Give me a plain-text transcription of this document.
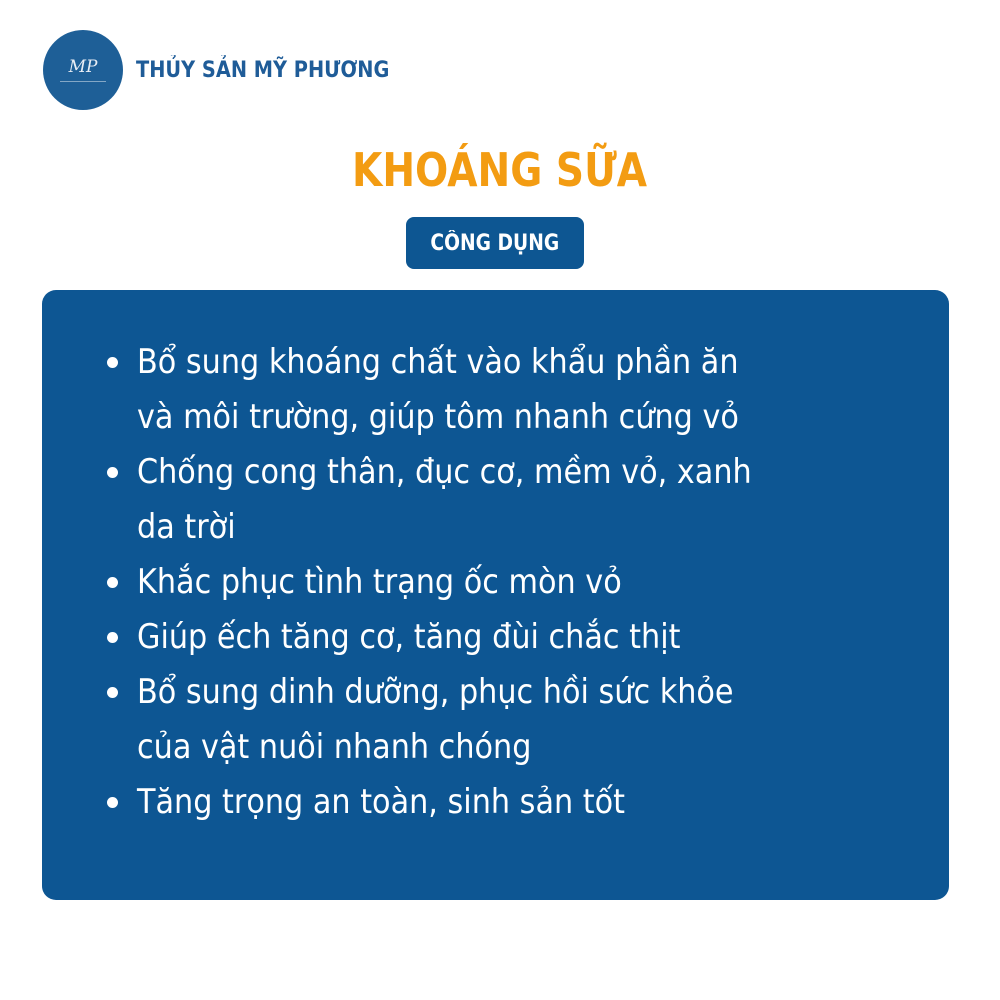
MP THỦY SẢN MỸ PHƯƠNG
KHOÁNG SỮA
CÔNG DỤNG
Bổ sung khoáng chất vào khẩu phần ăn
và môi trường, giúp tôm nhanh cứng vỏ
Chống cong thân, đục cơ, mềm vỏ, xanh
da trời
Khắc phục tình trạng ốc mòn vỏ
Giúp ếch tăng cơ, tăng đùi chắc thịt
Bổ sung dinh dưỡng, phục hồi sức khỏe
của vật nuôi nhanh chóng
Tăng trọng an toàn, sinh sản tốt
